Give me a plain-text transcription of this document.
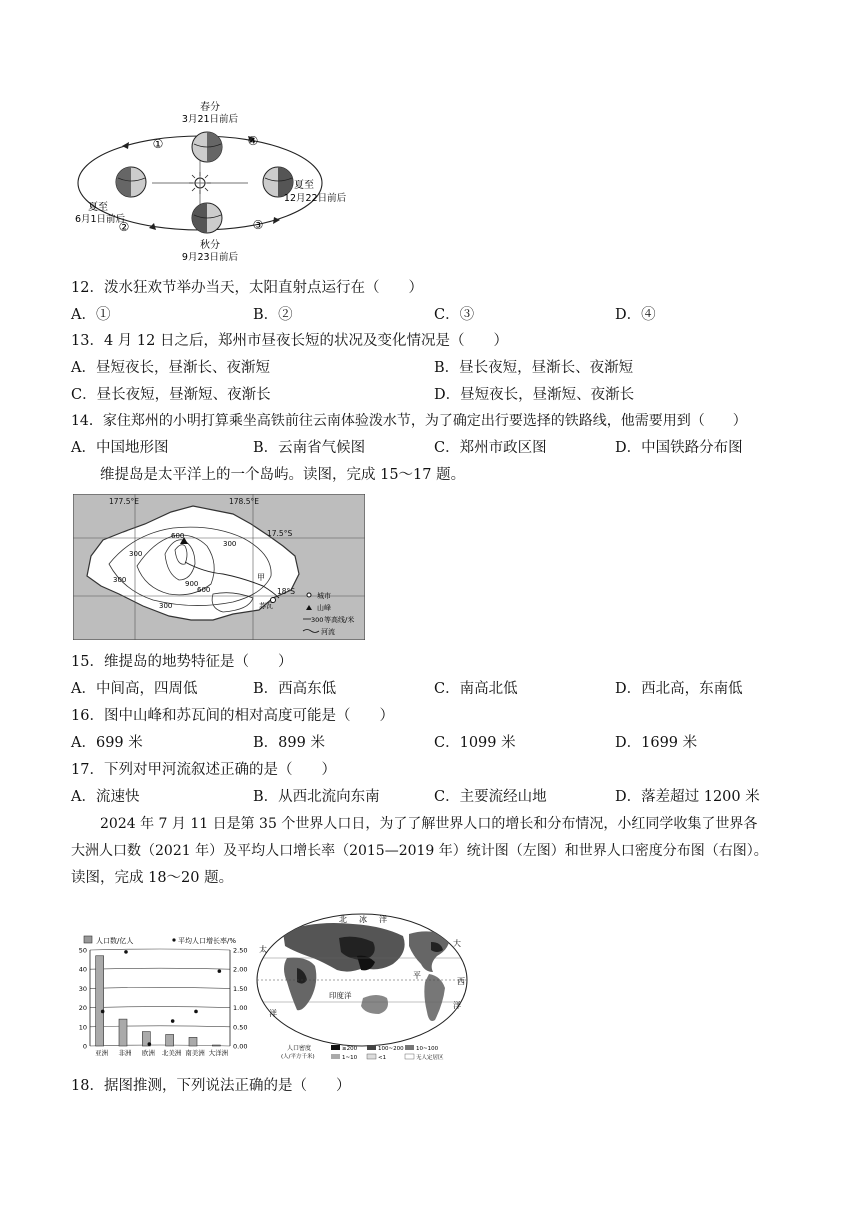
春分
3月21日前后
夏至
6月1日前后
夏至
12月22日前后
秋分
9月23日前后
①
②	③
④
12．泼水狂欢节举办当天，太阳直射点运行在（　　）
A．①	B．②	C．③	D．④
13．4 月 12 日之后，郑州市昼夜长短的状况及变化情况是（　　）
A．昼短夜长，昼渐长、夜渐短	B．昼长夜短，昼渐长、夜渐短
C．昼长夜短，昼渐短、夜渐长	D．昼短夜长，昼渐短、夜渐长
14．家住郑州的小明打算乘坐高铁前往云南体验泼水节，为了确定出行要选择的铁路线，他需要用到（　　）
A．中国地形图	B．云南省气候图	C．郑州市政区图	D．中国铁路分布图
维提岛是太平洋上的一个岛屿。读图，完成 15～17 题。
177.5°E	178.5°E
17.5°S
18°S
300
300
300
600
600
900
300
甲
苏瓦
城市
山峰
300 等高线/米
河流
15．维提岛的地势特征是（　　）
A．中间高，四周低	B．西高东低	C．南高北低	D．西北高，东南低
16．图中山峰和苏瓦间的相对高度可能是（　　）
A．699 米	B．899 米	C．1099 米	D．1699 米
17．下列对甲河流叙述正确的是（　　）
A．流速快	B．从西北流向东南	C．主要流经山地	D．落差超过 1200 米
2024 年 7 月 11 日是第 35 个世界人口日，为了了解世界人口的增长和分布情况，小红同学收集了世界各
大洲人口数（2021 年）及平均人口增长率（2015—2019 年）统计图（左图）和世界人口密度分布图（右图）。
读图，完成 18～20 题。
人口数/亿人	平均人口增长率/%
0
10
20
30
40
50
0.00
0.50
1.00
1.50
2.00
2.50
亚洲 非洲 欧洲 北美洲 南美洲 大洋洲
北 冰 洋
太
平
洋
大
西
洋
印度洋
人口密度
(人/平方千米)
≥200	100~200 10~100
1~10	<1	无人定居区
18．据图推测，下列说法正确的是（　　）
